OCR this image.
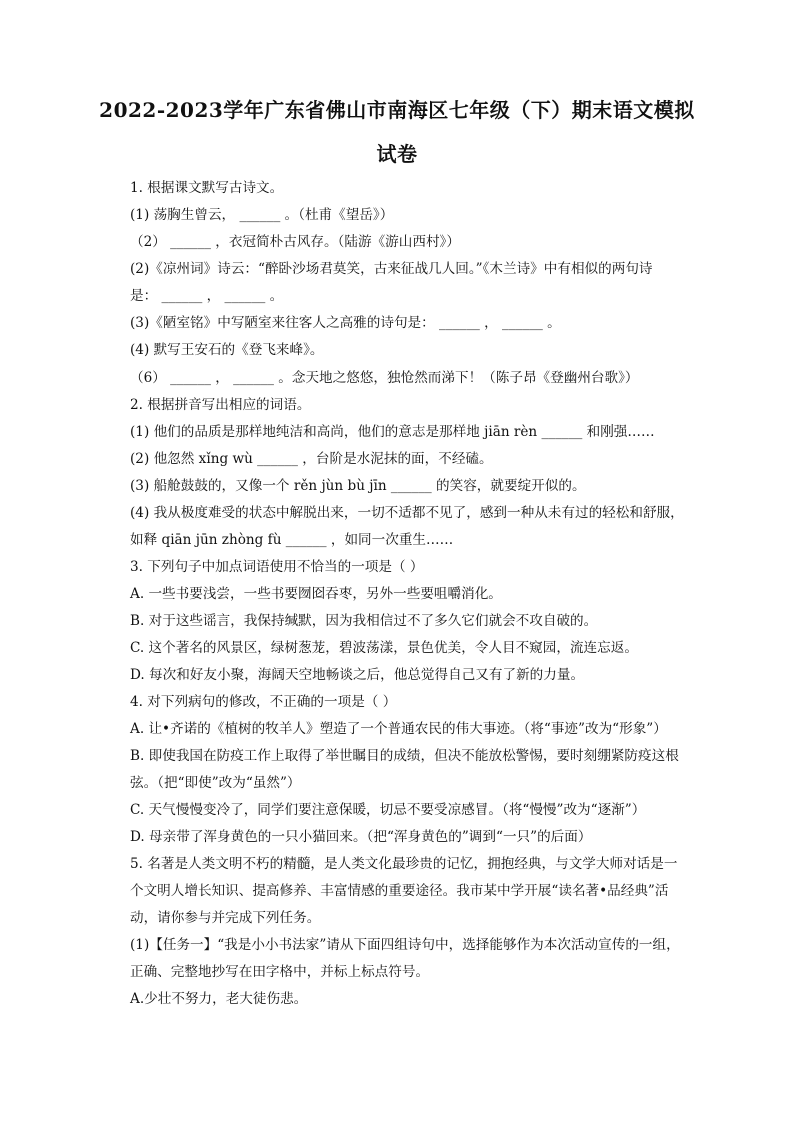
2022-2023学年广东省佛山市南海区七年级（下）期末语文模拟
试卷
1. 根据课文默写古诗文。
(1) 荡胸生曾云， ______ 。（杜甫《望岳》）
（2） ______ ，衣冠简朴古风存。（陆游《游山西村》）
(2)《凉州词》诗云：“醉卧沙场君莫笑，古来征战几人回。”《木兰诗》中有相似的两句诗
是： ______ ， ______ 。
(3)《陋室铭》中写陋室来往客人之高雅的诗句是： ______ ， ______ 。
(4) 默写王安石的《登飞来峰》。
（6） ______ ， ______ 。念天地之悠悠，独怆然而涕下！（陈子昂《登幽州台歌》）
2. 根据拼音写出相应的词语。
(1) 他们的品质是那样地纯洁和高尚，他们的意志是那样地 jiān rèn ______ 和刚强……
(2) 他忽然 xǐng wù ______ ，台阶是水泥抹的面，不经磕。
(3) 船舱鼓鼓的，又像一个 rěn jùn bù jīn ______ 的笑容，就要绽开似的。
(4) 我从极度难受的状态中解脱出来，一切不适都不见了，感到一种从未有过的轻松和舒服，
如释 qiān jūn zhòng fù ______ ，如同一次重生……
3. 下列句子中加点词语使用不恰当的一项是（ ）
A. 一些书要浅尝，一些书要囫囵吞枣，另外一些要咀嚼消化。
B. 对于这些谣言，我保持缄默，因为我相信过不了多久它们就会不攻自破的。
C. 这个著名的风景区，绿树葱茏，碧波荡漾，景色优美，令人目不窥园，流连忘返。
D. 每次和好友小聚，海阔天空地畅谈之后，他总觉得自己又有了新的力量。
4. 对下列病句的修改，不正确的一项是（ ）
A. 让•齐诺的《植树的牧羊人》塑造了一个普通农民的伟大事迹。（将“事迹”改为“形象”）
B. 即使我国在防疫工作上取得了举世瞩目的成绩，但决不能放松警惕，要时刻绷紧防疫这根
弦。（把“即使”改为“虽然”）
C. 天气慢慢变冷了，同学们要注意保暖，切忌不要受凉感冒。（将“慢慢”改为“逐渐”）
D. 母亲带了浑身黄色的一只小猫回来。（把“浑身黄色的”调到“一只”的后面）
5. 名著是人类文明不朽的精髓，是人类文化最珍贵的记忆，拥抱经典，与文学大师对话是一
个文明人增长知识、提高修养、丰富情感的重要途径。我市某中学开展“读名著•品经典”活
动，请你参与并完成下列任务。
(1)【任务一】“我是小小书法家”请从下面四组诗句中，选择能够作为本次活动宣传的一组，
正确、完整地抄写在田字格中，并标上标点符号。
A.少壮不努力，老大徒伤悲。
